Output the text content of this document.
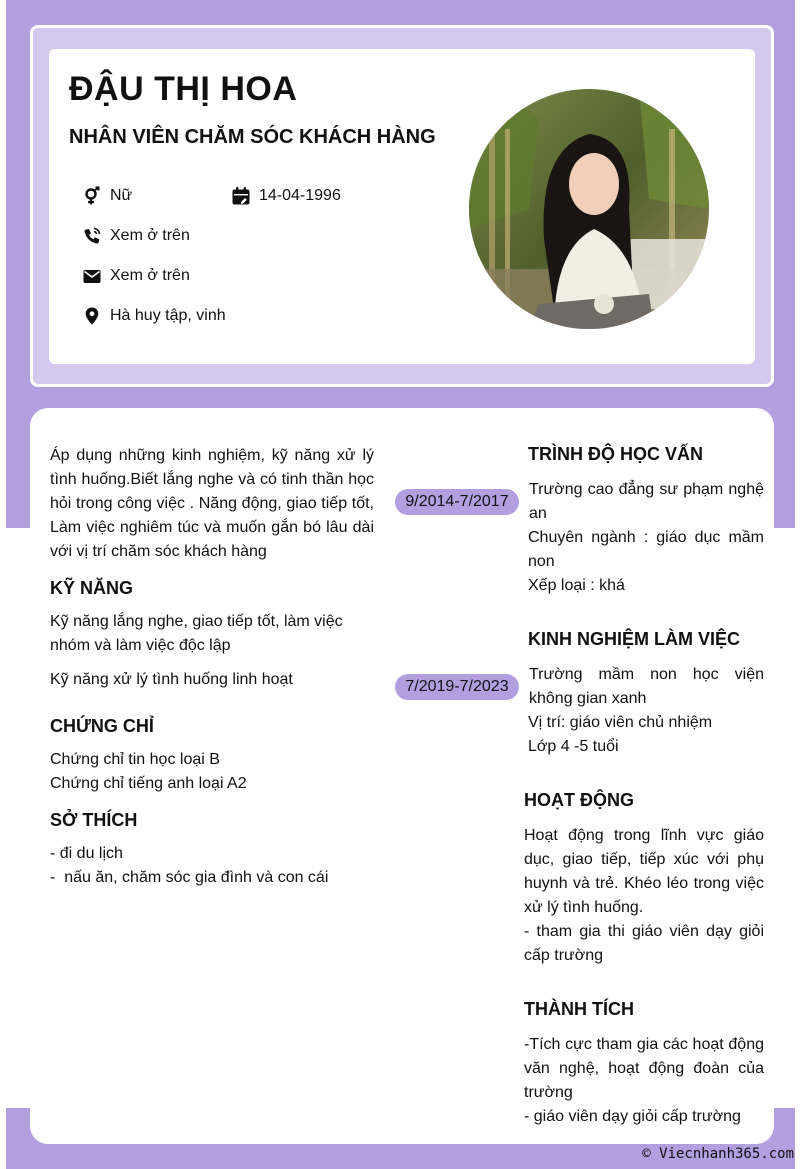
ĐẬU THỊ HOA
NHÂN VIÊN CHĂM SÓC KHÁCH HÀNG
Nữ	14-04-1996
Xem ở trên
Xem ở trên
Hà huy tập, vinh

Áp dụng những kinh nghiệm, kỹ năng xử lý tình huống.Biết lắng nghe và có tinh thần học hỏi trong công việc . Năng động, giao tiếp tốt, Làm việc nghiêm túc và muốn gắn bó lâu dài với vị trí chăm sóc khách hàng

KỸ NĂNG

Kỹ năng lắng nghe, giao tiếp tốt, làm việc nhóm và làm việc độc lập

Kỹ năng xử lý tình huống linh hoạt

CHỨNG CHỈ

Chứng chỉ tin học loại B

Chứng chỉ tiếng anh loại A2

SỞ THÍCH

- đi du lịch

-  nấu ăn, chăm sóc gia đình và con cái

TRÌNH ĐỘ HỌC VẤN
9/2014-7/2017

Trường cao đẳng sư phạm nghệ an

Chuyên ngành : giáo dục mầm non

Xếp loại : khá

KINH NGHIỆM LÀM VIỆC
7/2019-7/2023

Trường mầm non học viện không gian xanh

Vị trí: giáo viên chủ nhiệm

Lớp 4 -5 tuổi

HOẠT ĐỘNG

Hoạt động trong lĩnh vực giáo dục, giao tiếp, tiếp xúc với phụ huynh và trẻ. Khéo léo trong việc xử lý tình huống.

- tham gia thi giáo viên dạy giỏi cấp trường

THÀNH TÍCH

-Tích cực tham gia các hoạt động văn nghệ, hoạt động đoàn của trường

- giáo viên dạy giỏi cấp trường

© Viecnhanh365.com
